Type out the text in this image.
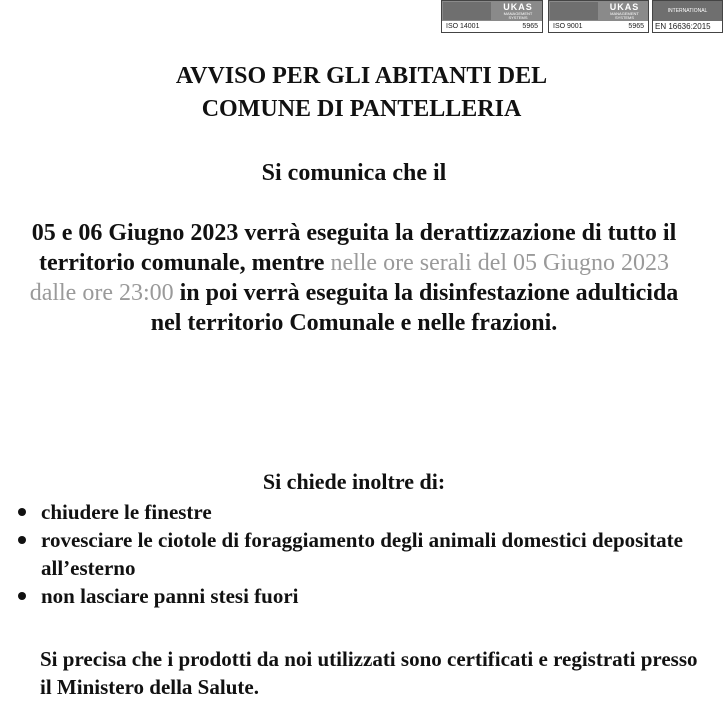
UKAS
MANAGEMENT SYSTEMS
ISO 14001	5965
UKAS
MANAGEMENT SYSTEMS
ISO 9001	5965
INTERNATIONAL
EN 16636:2015
AVVISO PER GLI ABITANTI DEL
COMUNE DI PANTELLERIA

Si comunica che il

05 e 06 Giugno 2023 verrà eseguita la derattizzazione di tutto il territorio comunale, mentre nelle ore serali del 05 Giugno 2023 dalle ore 23:00 in poi verrà eseguita la disinfestazione adulticida nel territorio Comunale e nelle frazioni.

Si chiede inoltre di:

chiudere le finestre
rovesciare le ciotole di foraggiamento degli animali domestici depositate all’esterno
non lasciare panni stesi fuori

Si precisa che i prodotti da noi utilizzati sono certificati e registrati presso il Ministero della Salute.
